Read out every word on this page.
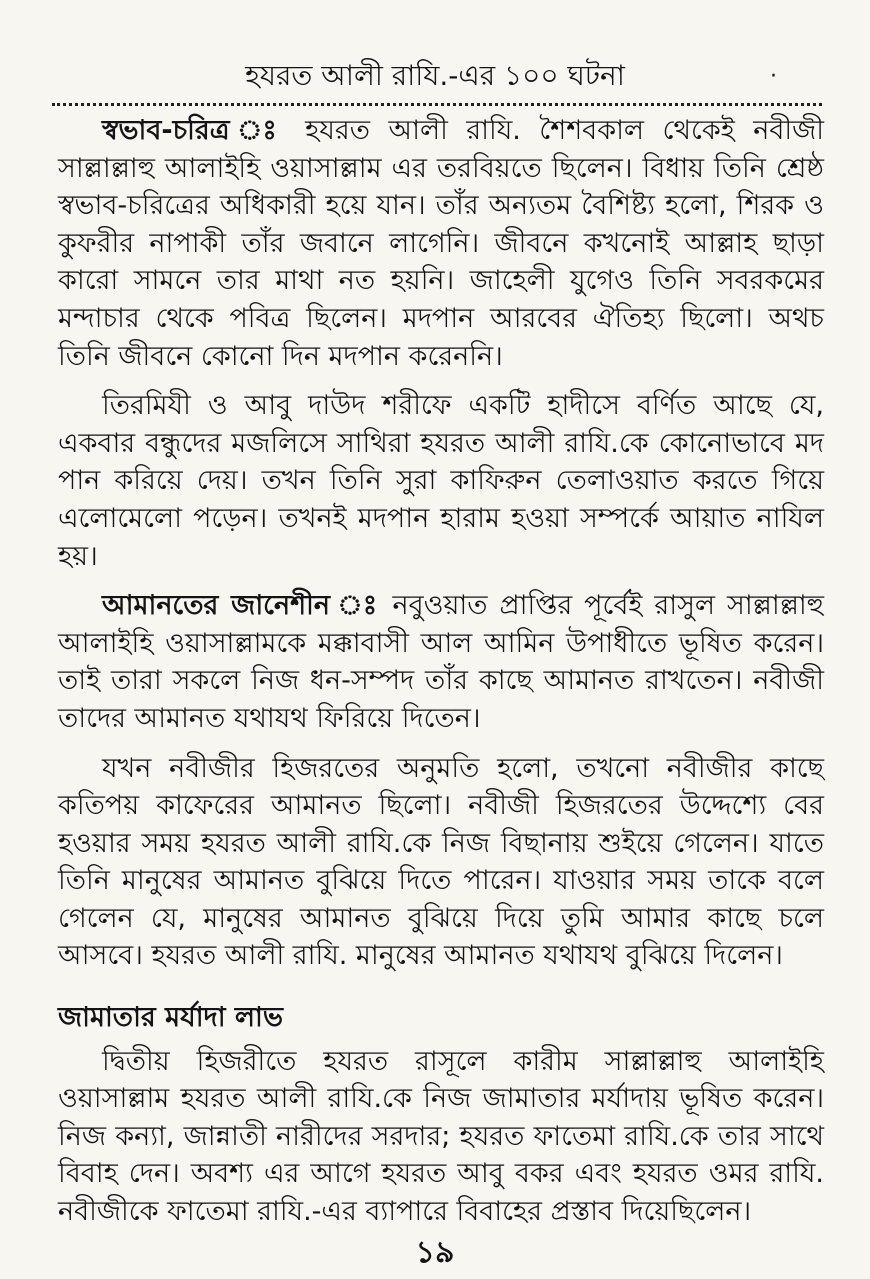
হযরত আলী রাযি.-এর ১০০ ঘটনা	·

স্বভাব-চরিত্র ঃ হযরত আলী রাযি. শৈশবকাল থেকেই নবীজী সাল্লাল্লাহু আলাইহি ওয়াসাল্লাম এর তরবিয়তে ছিলেন। বিধায় তিনি শ্রেষ্ঠ স্বভাব-চরিত্রের অধিকারী হয়ে যান। তাঁর অন্যতম বৈশিষ্ট্য হলো, শিরক ও কুফরীর নাপাকী তাঁর জবানে লাগেনি। জীবনে কখনোই আল্লাহ ছাড়া কারো সামনে তার মাথা নত হয়নি। জাহেলী যুগেও তিনি সবরকমের মন্দাচার থেকে পবিত্র ছিলেন। মদপান আরবের ঐতিহ্য ছিলো। অথচ তিনি জীবনে কোনো দিন মদপান করেননি।

তিরমিযী ও আবু দাউদ শরীফে একটি হাদীসে বর্ণিত আছে যে, একবার বন্ধুদের মজলিসে সাথিরা হযরত আলী রাযি.কে কোনোভাবে মদ পান করিয়ে দেয়। তখন তিনি সুরা কাফিরুন তেলাওয়াত করতে গিয়ে এলোমেলো পড়েন। তখনই মদপান হারাম হওয়া সম্পর্কে আয়াত নাযিল হয়।

আমানতের জানেশীন ঃ নবুওয়াত প্রাপ্তির পূর্বেই রাসুল সাল্লাল্লাহু আলাইহি ওয়াসাল্লামকে মক্কাবাসী আল আমিন উপাধীতে ভূষিত করেন। তাই তারা সকলে নিজ ধন-সম্পদ তাঁর কাছে আমানত রাখতেন। নবীজী তাদের আমানত যথাযথ ফিরিয়ে দিতেন।

যখন নবীজীর হিজরতের অনুমতি হলো, তখনো নবীজীর কাছে কতিপয় কাফেরের আমানত ছিলো। নবীজী হিজরতের উদ্দেশ্যে বের হওয়ার সময় হযরত আলী রাযি.কে নিজ বিছানায় শুইয়ে গেলেন। যাতে তিনি মানুষের আমানত বুঝিয়ে দিতে পারেন। যাওয়ার সময় তাকে বলে গেলেন যে, মানুষের আমানত বুঝিয়ে দিয়ে তুমি আমার কাছে চলে আসবে। হযরত আলী রাযি. মানুষের আমানত যথাযথ বুঝিয়ে দিলেন।

জামাতার মর্যাদা লাভ

দ্বিতীয় হিজরীতে হযরত রাসূলে কারীম সাল্লাল্লাহু আলাইহি ওয়াসাল্লাম হযরত আলী রাযি.কে নিজ জামাতার মর্যাদায় ভূষিত করেন। নিজ কন্যা, জান্নাতী নারীদের সরদার; হযরত ফাতেমা রাযি.কে তার সাথে বিবাহ দেন। অবশ্য এর আগে হযরত আবু বকর এবং হযরত ওমর রাযি. নবীজীকে ফাতেমা রাযি.-এর ব্যাপারে বিবাহের প্রস্তাব দিয়েছিলেন।

১৯
